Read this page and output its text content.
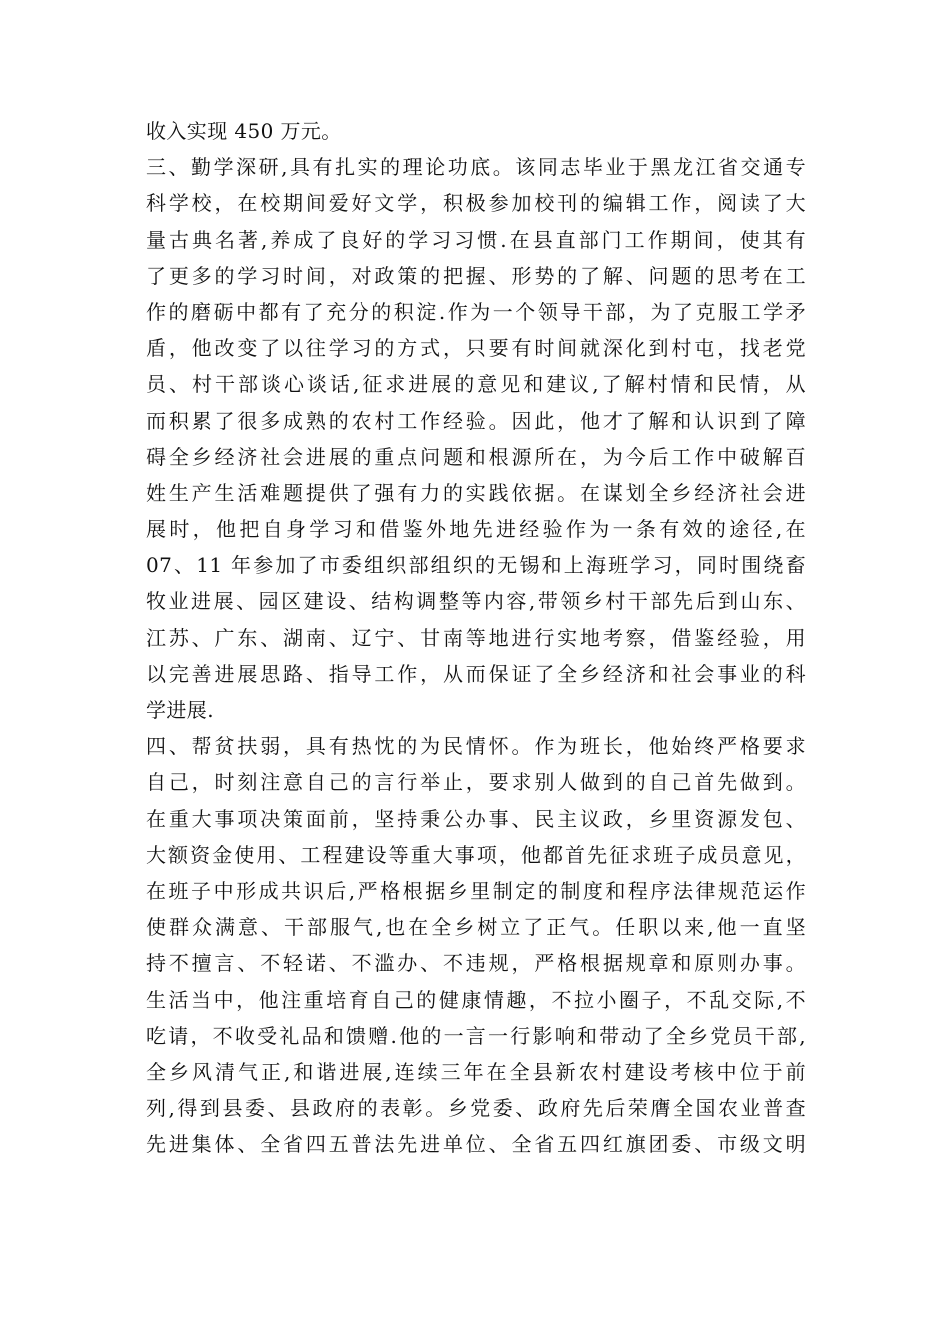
收入实现 450 万元。
三、勤学深研,具有扎实的理论功底。该同志毕业于黑龙江省交通专
科学校，在校期间爱好文学，积极参加校刊的编辑工作，阅读了大
量古典名著,养成了良好的学习习惯.在县直部门工作期间，使其有
了更多的学习时间，对政策的把握、形势的了解、问题的思考在工
作的磨砺中都有了充分的积淀.作为一个领导干部，为了克服工学矛
盾，他改变了以往学习的方式，只要有时间就深化到村屯，找老党
员、村干部谈心谈话,征求进展的意见和建议,了解村情和民情，从
而积累了很多成熟的农村工作经验。因此，他才了解和认识到了障
碍全乡经济社会进展的重点问题和根源所在，为今后工作中破解百
姓生产生活难题提供了强有力的实践依据。在谋划全乡经济社会进
展时，他把自身学习和借鉴外地先进经验作为一条有效的途径,在
07、11 年参加了市委组织部组织的无锡和上海班学习，同时围绕畜
牧业进展、园区建设、结构调整等内容,带领乡村干部先后到山东、
江苏、广东、湖南、辽宁、甘南等地进行实地考察，借鉴经验，用
以完善进展思路、指导工作，从而保证了全乡经济和社会事业的科
学进展.
四、帮贫扶弱，具有热忱的为民情怀。作为班长，他始终严格要求
自己，时刻注意自己的言行举止，要求别人做到的自己首先做到。
在重大事项决策面前，坚持秉公办事、民主议政，乡里资源发包、
大额资金使用、工程建设等重大事项，他都首先征求班子成员意见，
在班子中形成共识后,严格根据乡里制定的制度和程序法律规范运作
使群众满意、干部服气,也在全乡树立了正气。任职以来,他一直坚
持不擅言、不轻诺、不滥办、不违规，严格根据规章和原则办事。
生活当中，他注重培育自己的健康情趣，不拉小圈子，不乱交际,不
吃请，不收受礼品和馈赠.他的一言一行影响和带动了全乡党员干部,
全乡风清气正,和谐进展,连续三年在全县新农村建设考核中位于前
列,得到县委、县政府的表彰。乡党委、政府先后荣膺全国农业普查
先进集体、全省四五普法先进单位、全省五四红旗团委、市级文明
